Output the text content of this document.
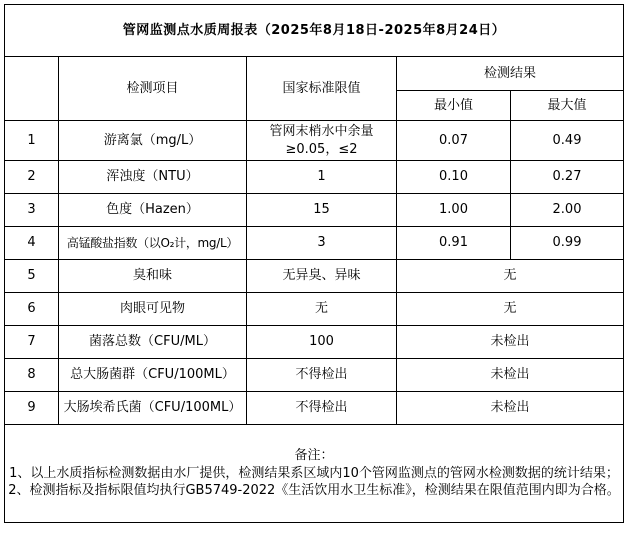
管网监测点水质周报表（2025年8月18日-2025年8月24日）				
	检测项目	国家标准限值	检测结果	
			最小值	最大值
1	游离氯（mg/L）	管网末梢水中余量≥0.05，≤2	0.07	0.49
2	浑浊度（NTU）	1	0.10	0.27
3	色度（Hazen）	15	1.00	2.00
4	高锰酸盐指数（以O₂计，mg/L）	3	0.91	0.99
5	臭和味	无异臭、异味	无	
6	肉眼可见物	无	无	
7	菌落总数（CFU/ML）	100	未检出	
8	总大肠菌群（CFU/100ML）	不得检出	未检出	
9	大肠埃希氏菌（CFU/100ML）	不得检出	未检出	

备注：
1、以上水质指标检测数据由水厂提供，检测结果系区域内10个管网监测点的管网水检测数据的统计结果；
2、检测指标及指标限值均执行GB5749-2022《生活饮用水卫生标准》，检测结果在限值范围内即为合格。				
